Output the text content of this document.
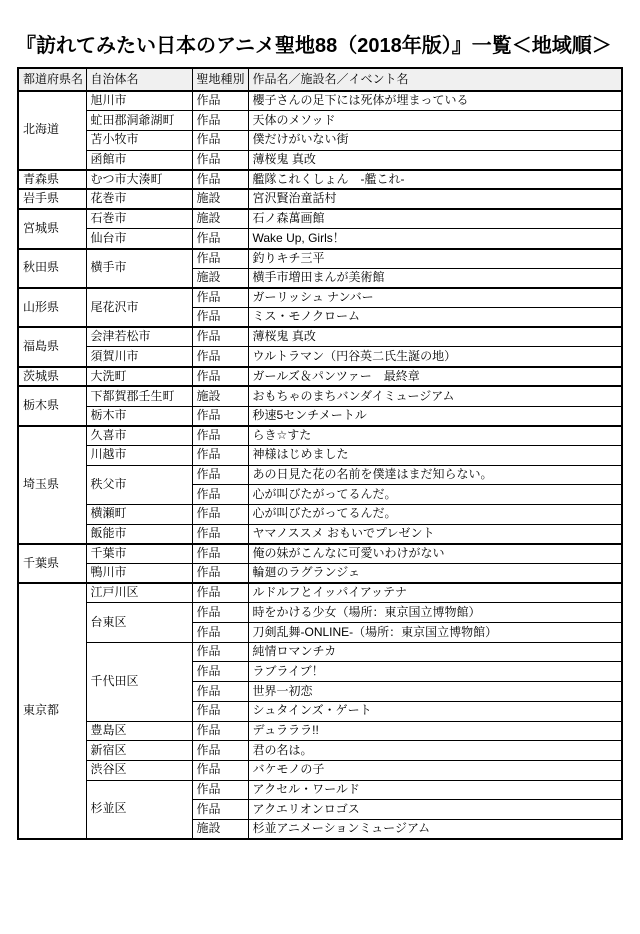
『訪れてみたい日本のアニメ聖地88（2018年版）』一覧＜地域順＞
都道府県名	自治体名	聖地種別	作品名／施設名／イベント名
北海道	旭川市	作品	櫻子さんの足下には死体が埋まっている
	虻田郡洞爺湖町	作品	天体のメソッド
	苫小牧市	作品	僕だけがいない街
	函館市	作品	薄桜鬼 真改
青森県	むつ市大湊町	作品	艦隊これくしょん　-艦これ-
岩手県	花巻市	施設	宮沢賢治童話村
宮城県	石巻市	施設	石ノ森萬画館
	仙台市	作品	Wake Up, Girls！
秋田県	横手市	作品	釣りキチ三平
		施設	横手市増田まんが美術館
山形県	尾花沢市	作品	ガーリッシュ ナンバー
		作品	ミス・モノクローム
福島県	会津若松市	作品	薄桜鬼 真改
	須賀川市	作品	ウルトラマン（円谷英二氏生誕の地）
茨城県	大洗町	作品	ガールズ＆パンツァー　最終章
栃木県	下都賀郡壬生町	施設	おもちゃのまちバンダイミュージアム
	栃木市	作品	秒速5センチメートル
埼玉県	久喜市	作品	らき☆すた
	川越市	作品	神様はじめました
	秩父市	作品	あの日見た花の名前を僕達はまだ知らない。
		作品	心が叫びたがってるんだ。
	横瀬町	作品	心が叫びたがってるんだ。
	飯能市	作品	ヤマノススメ おもいでプレゼント
千葉県	千葉市	作品	俺の妹がこんなに可愛いわけがない
	鴨川市	作品	輪廻のラグランジェ
東京都	江戸川区	作品	ルドルフとイッパイアッテナ
	台東区	作品	時をかける少女（場所：東京国立博物館）
		作品	刀剣乱舞-ONLINE-（場所：東京国立博物館）
	千代田区	作品	純情ロマンチカ
		作品	ラブライブ！
		作品	世界一初恋
		作品	シュタインズ・ゲート
	豊島区	作品	デュラララ!!
	新宿区	作品	君の名は。
	渋谷区	作品	バケモノの子
	杉並区	作品	アクセル・ワールド
		作品	アクエリオンロゴス
		施設	杉並アニメーションミュージアム
